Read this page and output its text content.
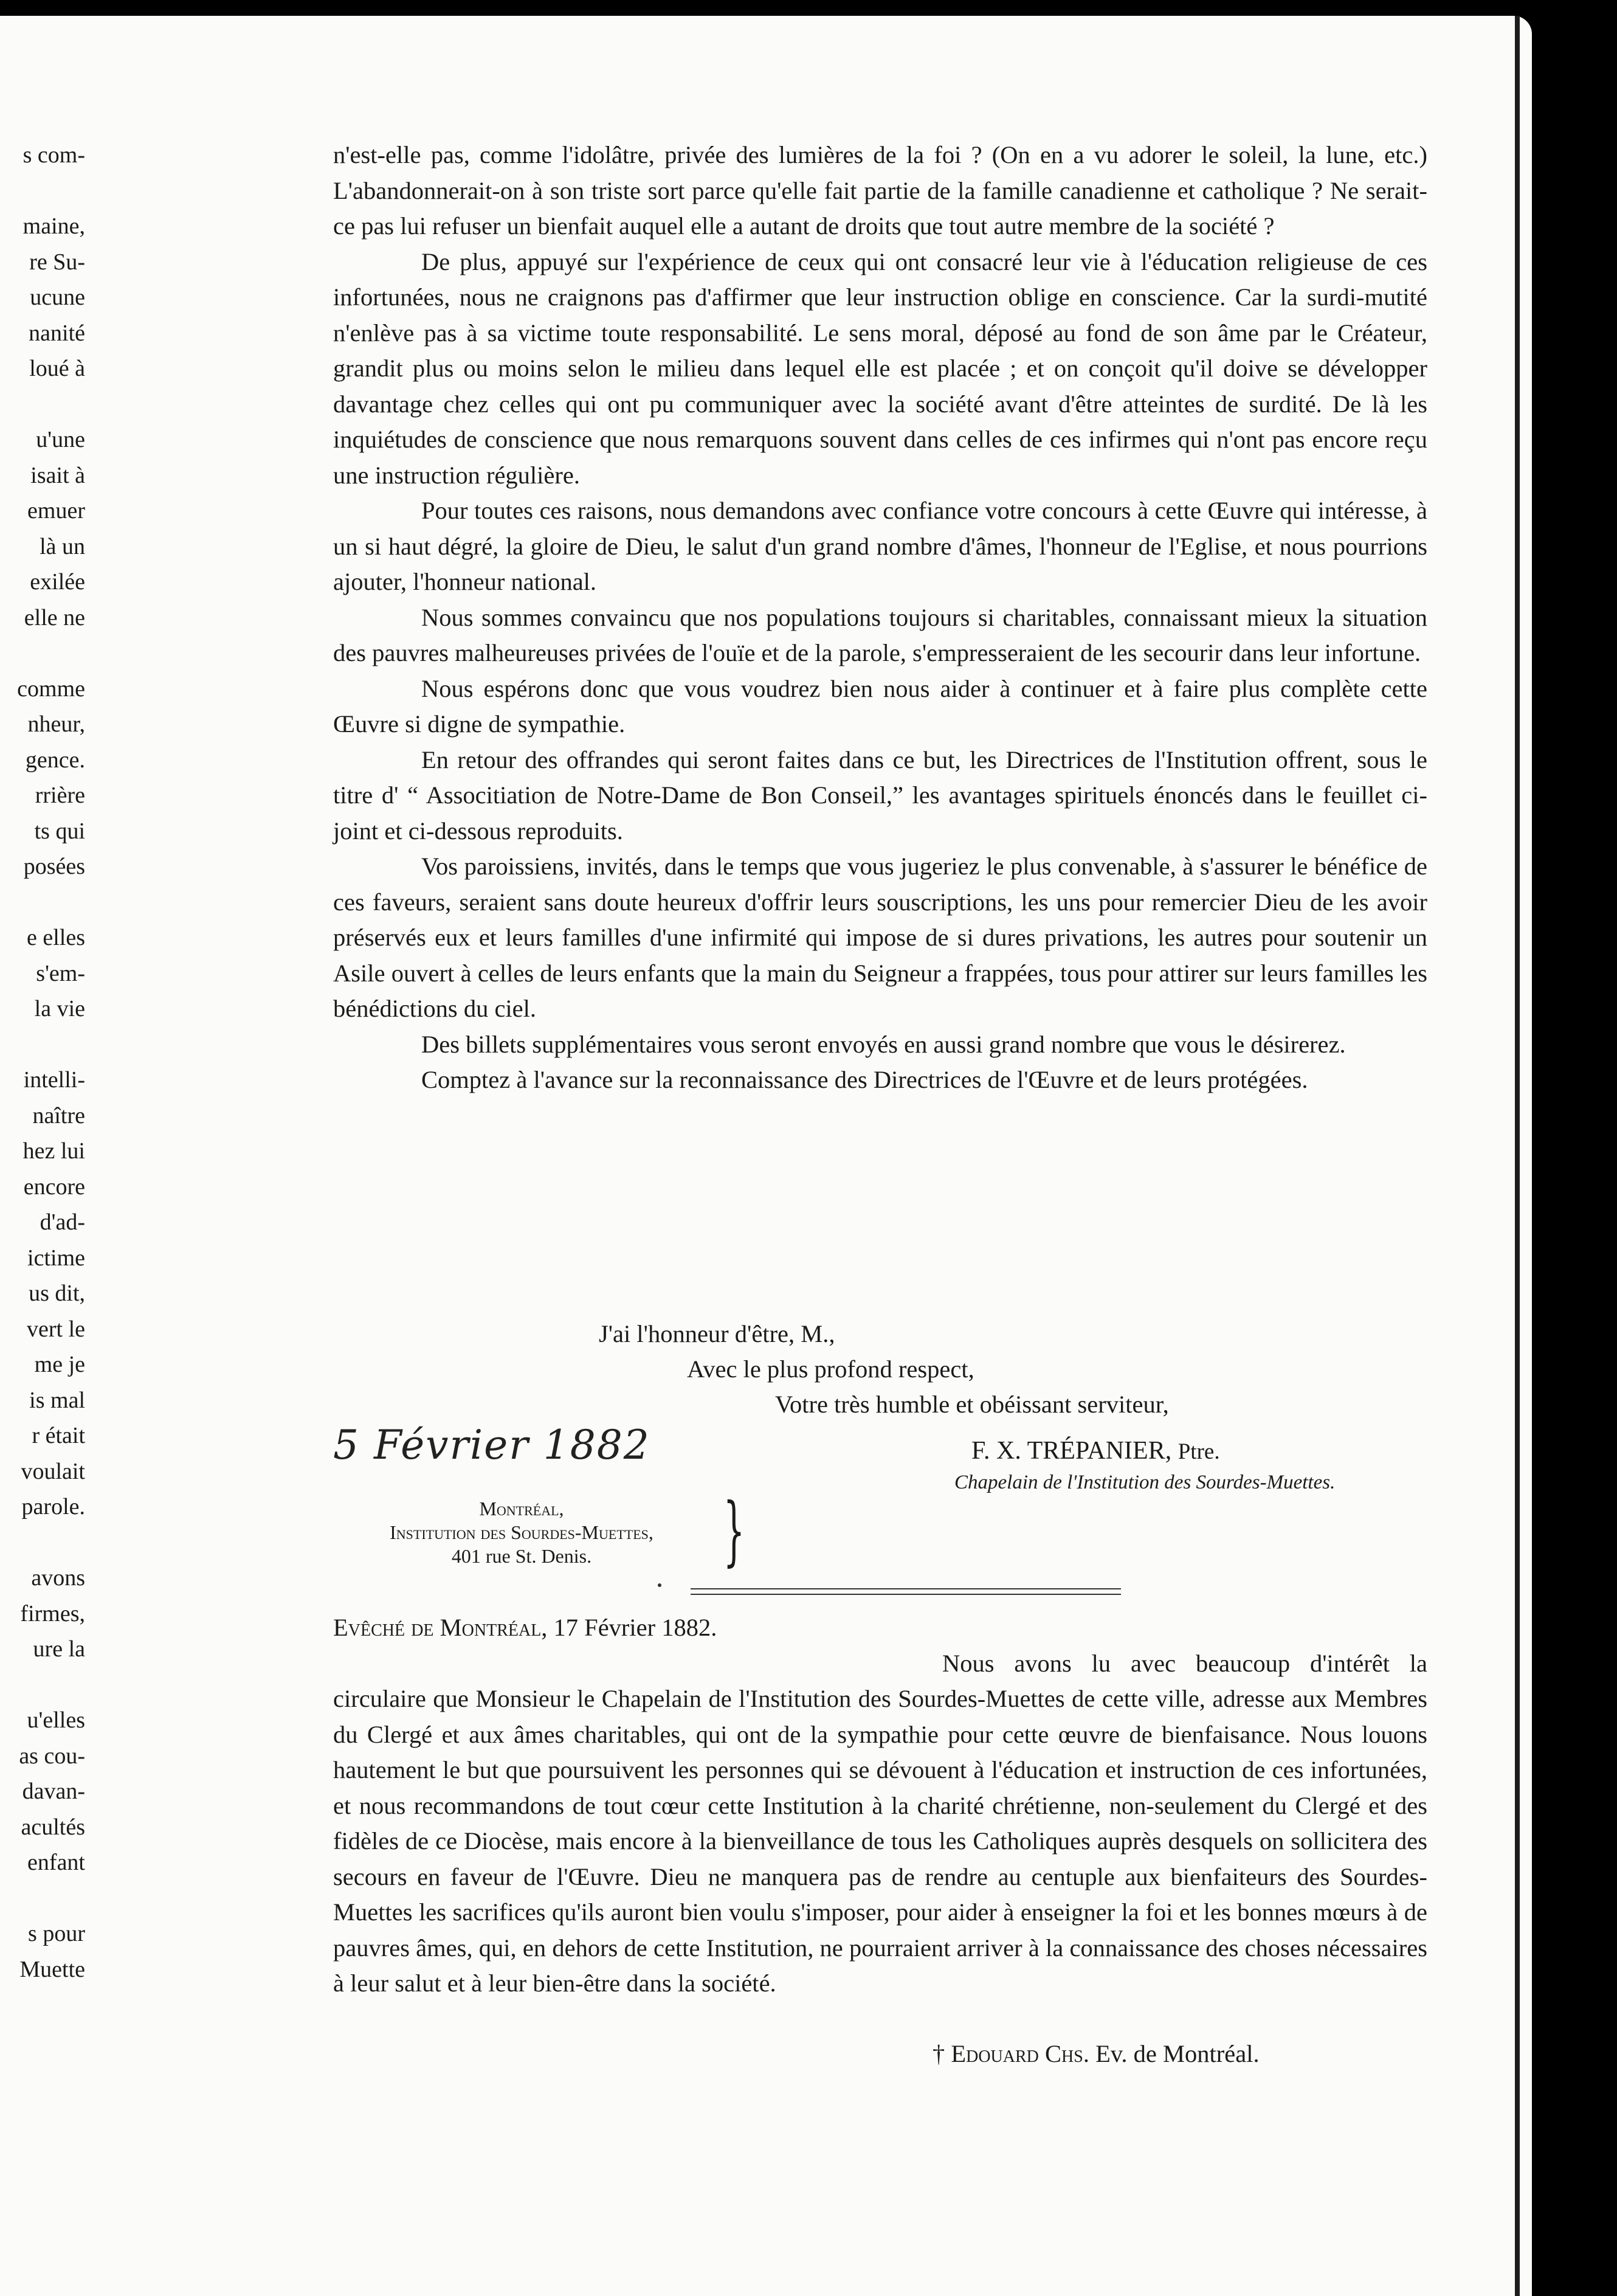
s com-
maine,
re Su-
ucune
nanité
loué à
u'une
isait à
emuer
là un
exilée
elle ne
comme
nheur,
gence.
rrière
ts qui
posées
e elles
s'em-
la vie
intelli-
naître
hez lui
encore
d'ad-
ictime
us dit,
vert le
me je
is mal
r était
voulait
parole.
avons
firmes,
ure la
u'elles
as cou-
davan-
acultés
enfant
s pour
Muette

n'est-elle pas, comme l'idolâtre, privée des lumières de la foi ? (On en a vu adorer le soleil, la lune, etc.) L'abandonnerait-on à son triste sort parce qu'elle fait partie de la famille canadienne et catholique ? Ne serait-ce pas lui refuser un bienfait auquel elle a autant de droits que tout autre membre de la société ?

De plus, appuyé sur l'expérience de ceux qui ont consacré leur vie à l'éducation religieuse de ces infortunées, nous ne craignons pas d'affirmer que leur instruction oblige en conscience. Car la surdi-mutité n'enlève pas à sa victime toute responsabilité. Le sens moral, déposé au fond de son âme par le Créateur, grandit plus ou moins selon le milieu dans lequel elle est placée ; et on conçoit qu'il doive se développer davantage chez celles qui ont pu communiquer avec la société avant d'être atteintes de surdité. De là les inquiétudes de conscience que nous remarquons souvent dans celles de ces infirmes qui n'ont pas encore reçu une instruction régulière.

Pour toutes ces raisons, nous demandons avec confiance votre concours à cette Œuvre qui intéresse, à un si haut dégré, la gloire de Dieu, le salut d'un grand nombre d'âmes, l'honneur de l'Eglise, et nous pourrions ajouter, l'honneur national.

Nous sommes convaincu que nos populations toujours si charitables, connaissant mieux la situation des pauvres malheureuses privées de l'ouïe et de la parole, s'empresseraient de les secourir dans leur infortune.

Nous espérons donc que vous voudrez bien nous aider à continuer et à faire plus complète cette Œuvre si digne de sympathie.

En retour des offrandes qui seront faites dans ce but, les Directrices de l'Institution offrent, sous le titre d' “ Associtiation de Notre-Dame de Bon Conseil,” les avantages spirituels énoncés dans le feuillet ci-joint et ci-dessous reproduits.

Vos paroissiens, invités, dans le temps que vous jugeriez le plus convenable, à s'assurer le bénéfice de ces faveurs, seraient sans doute heureux d'offrir leurs souscriptions, les uns pour remercier Dieu de les avoir préservés eux et leurs familles d'une infirmité qui impose de si dures privations, les autres pour soutenir un Asile ouvert à celles de leurs enfants que la main du Seigneur a frappées, tous pour attirer sur leurs familles les bénédictions du ciel.

Des billets supplémentaires vous seront envoyés en aussi grand nombre que vous le désirerez.

Comptez à l'avance sur la reconnaissance des Directrices de l'Œuvre et de leurs protégées.

J'ai l'honneur d'être, M.,
Avec le plus profond respect,
Votre très humble et obéissant serviteur,
5 Février 1882	F. X. TRÉPANIER, Ptre.
Chapelain de l'Institution des Sourdes-Muettes.
Montréal,
Institution des Sourdes-Muettes,
401 rue St. Denis.	}
Evêché de Montréal, 17 Février 1882.

Nous avons lu avec beaucoup d'intérêt la circulaire que Monsieur le Chapelain de l'Institution des Sourdes-Muettes de cette ville, adresse aux Membres du Clergé et aux âmes charitables, qui ont de la sympathie pour cette œuvre de bienfaisance. Nous louons hautement le but que poursuivent les personnes qui se dévouent à l'éducation et instruction de ces infortunées, et nous recommandons de tout cœur cette Institution à la charité chrétienne, non-seulement du Clergé et des fidèles de ce Diocèse, mais encore à la bienveillance de tous les Catholiques auprès desquels on sollicitera des secours en faveur de l'Œuvre. Dieu ne manquera pas de rendre au centuple aux bienfaiteurs des Sourdes-Muettes les sacrifices qu'ils auront bien voulu s'imposer, pour aider à enseigner la foi et les bonnes mœurs à de pauvres âmes, qui, en dehors de cette Institution, ne pourraient arriver à la connaissance des choses nécessaires à leur salut et à leur bien-être dans la société.

† Edouard Chs. Ev. de Montréal.
